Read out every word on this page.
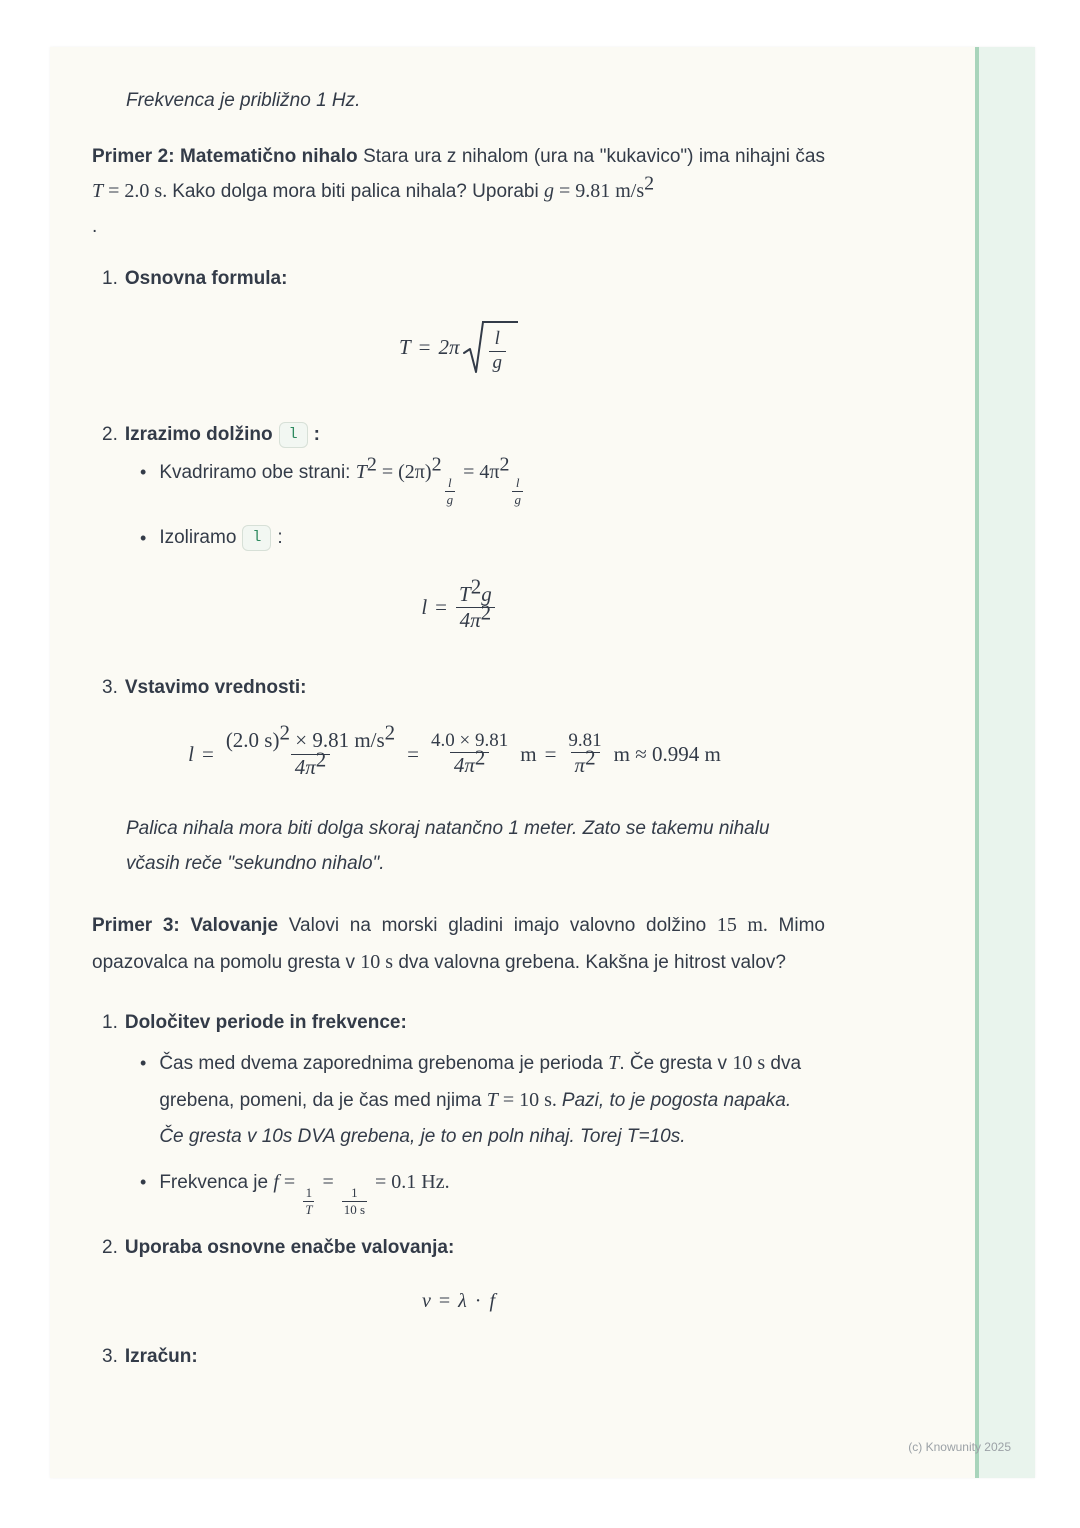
Frekvenca je približno 1 Hz.

Primer 2: Matematično nihalo Stara ura z nihalom (ura na "kukavico") ima nihajni čas T = 2.0 s. Kako dolga mora biti palica nihala? Uporabi g = 9.81 $m/s^2$

.

1. Osnovna formula:
$T = 2\pi \frac{l}{g}$
2. Izrazimo dolžino l :
•
Kvadriramo obe strani: $T^2 = (2\pi)^2$
$\frac{l}{g}$
= $4\pi^2$
$\frac{l}{g}$
•
Izoliramo l :
$l = \frac{T^2g}{4\pi^2}$
3. Vstavimo vrednosti:
$l = \frac{(2.0 s)^2 \times 9.81 m/s^2}{4\pi^2} = \frac{4.0 \times 9.81}{4\pi^2}$ $m = \frac{9.81}{\pi^2}$ m ≈ 0.994 m

Palica nihala mora biti dolga skoraj natančno 1 meter. Zato se takemu nihalu včasih reče "sekundno nihalo".

Primer 3: Valovanje Valovi na morski gladini imajo valovno dolžino 15 m. Mimo opazovalca na pomolu gresta v 10 s dva valovna grebena. Kakšna je hitrost valov?

1. Določitev periode in frekvence:
•
Čas med dvema zaporednima grebenoma je perioda T. Če gresta v 10 s dva grebena, pomeni, da je čas med njima T = 10 s. Pazi, to je pogosta napaka. Če gresta v 10s DVA grebena, je to en poln nihaj. Torej T=10s.
•
Frekvenca je f =
$\frac{1}{T}$
=
$\frac{1}{10 s}$
= 0.1 Hz.
2. Uporaba osnovne enačbe valovanja:
v = λ · f
3. Izračun:
(c) Knowunity 2025
